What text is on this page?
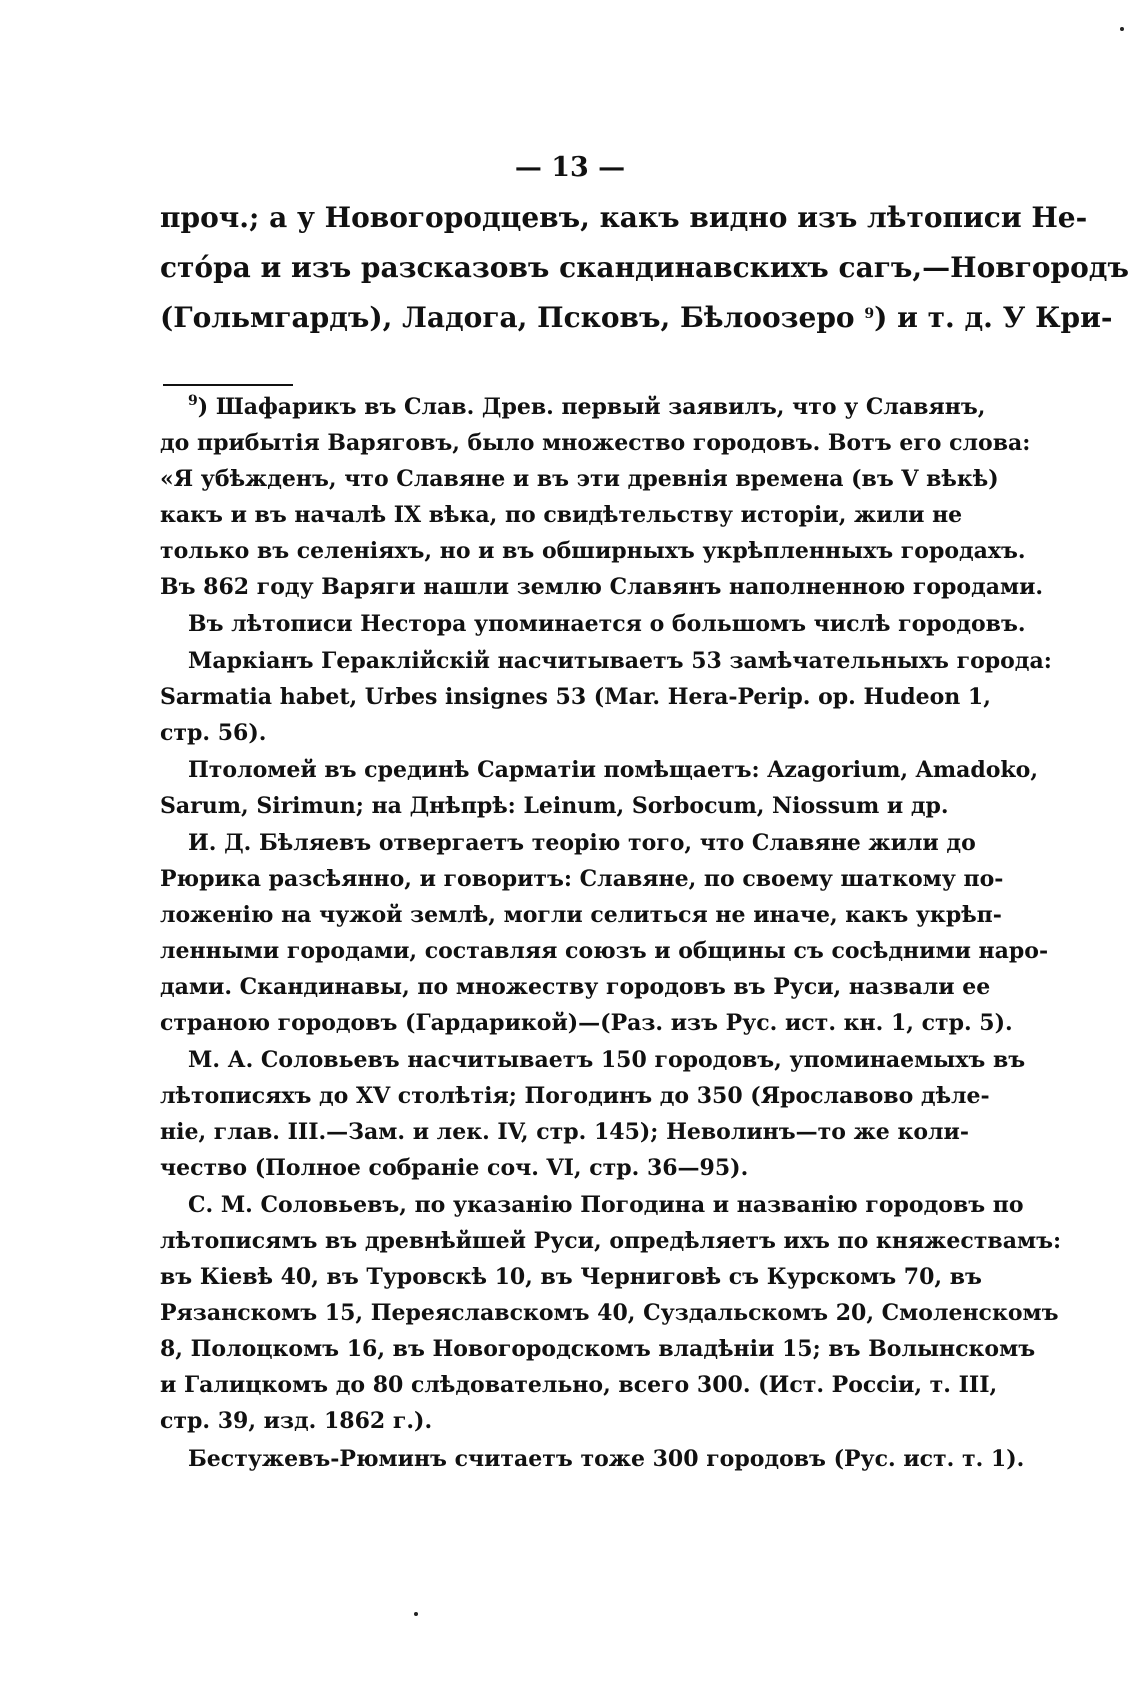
— 13 —
проч.; а у Новогородцевъ, какъ видно изъ лѣтописи Не-
стóра и изъ разсказовъ скандинавскихъ сагъ,—Новгородъ
(Гольмгардъ), Ладога, Псковъ, Бѣлоозеро $^9$) и т. д. У Кри-
$^9$) Шафарикъ въ Слав. Древ. первый заявилъ, что у Славянъ,
до прибытія Варяговъ, было множество городовъ. Вотъ его слова:
«Я убѣжденъ, что Славяне и въ эти древнія времена (въ V вѣкѣ)
какъ и въ началѣ IX вѣка, по свидѣтельству исторіи, жили не
только въ селеніяхъ, но и въ обширныхъ укрѣпленныхъ городахъ.
Въ 862 году Варяги нашли землю Славянъ наполненною городами.
Въ лѣтописи Нестора упоминается о большомъ числѣ городовъ.
Маркіанъ Гераклійскій насчитываетъ 53 замѣчательныхъ города:
Sarmatia habet, Urbes insignes 53 (Mar. Hera-Perip. op. Hudeon 1,
стр. 56).
Птоломей въ срединѣ Сарматіи помѣщаетъ: Azagorium, Amadoko,
Sarum, Sirimun; на Днѣпрѣ: Leinum, Sorbocum, Niossum и др.
И. Д. Бѣляевъ отвергаетъ теорію того, что Славяне жили до
Рюрика разсѣянно, и говоритъ: Славяне, по своему шаткому по-
ложенію на чужой землѣ, могли селиться не иначе, какъ укрѣп-
ленными городами, составляя союзъ и общины съ сосѣдними наро-
дами. Скандинавы, по множеству городовъ въ Руси, назвали ее
страною городовъ (Гардарикой)—(Раз. изъ Рус. ист. кн. 1, стр. 5).
М. А. Соловьевъ насчитываетъ 150 городовъ, упоминаемыхъ въ
лѣтописяхъ до XV столѣтія; Погодинъ до 350 (Ярославово дѣле-
ніе, глав. III.—Зам. и лек. IV, стр. 145); Неволинъ—то же коли-
чество (Полное собраніе соч. VI, стр. 36—95).
С. М. Соловьевъ, по указанію Погодина и названію городовъ по
лѣтописямъ въ древнѣйшей Руси, опредѣляетъ ихъ по княжествамъ:
въ Кіевѣ 40, въ Туровскѣ 10, въ Черниговѣ съ Курскомъ 70, въ
Рязанскомъ 15, Переяславскомъ 40, Суздальскомъ 20, Смоленскомъ
8, Полоцкомъ 16, въ Новогородскомъ владѣніи 15; въ Волынскомъ
и Галицкомъ до 80 слѣдовательно, всего 300. (Ист. Россіи, т. III,
стр. 39, изд. 1862 г.).
Бестужевъ-Рюминъ считаетъ тоже 300 городовъ (Рус. ист. т. 1).
